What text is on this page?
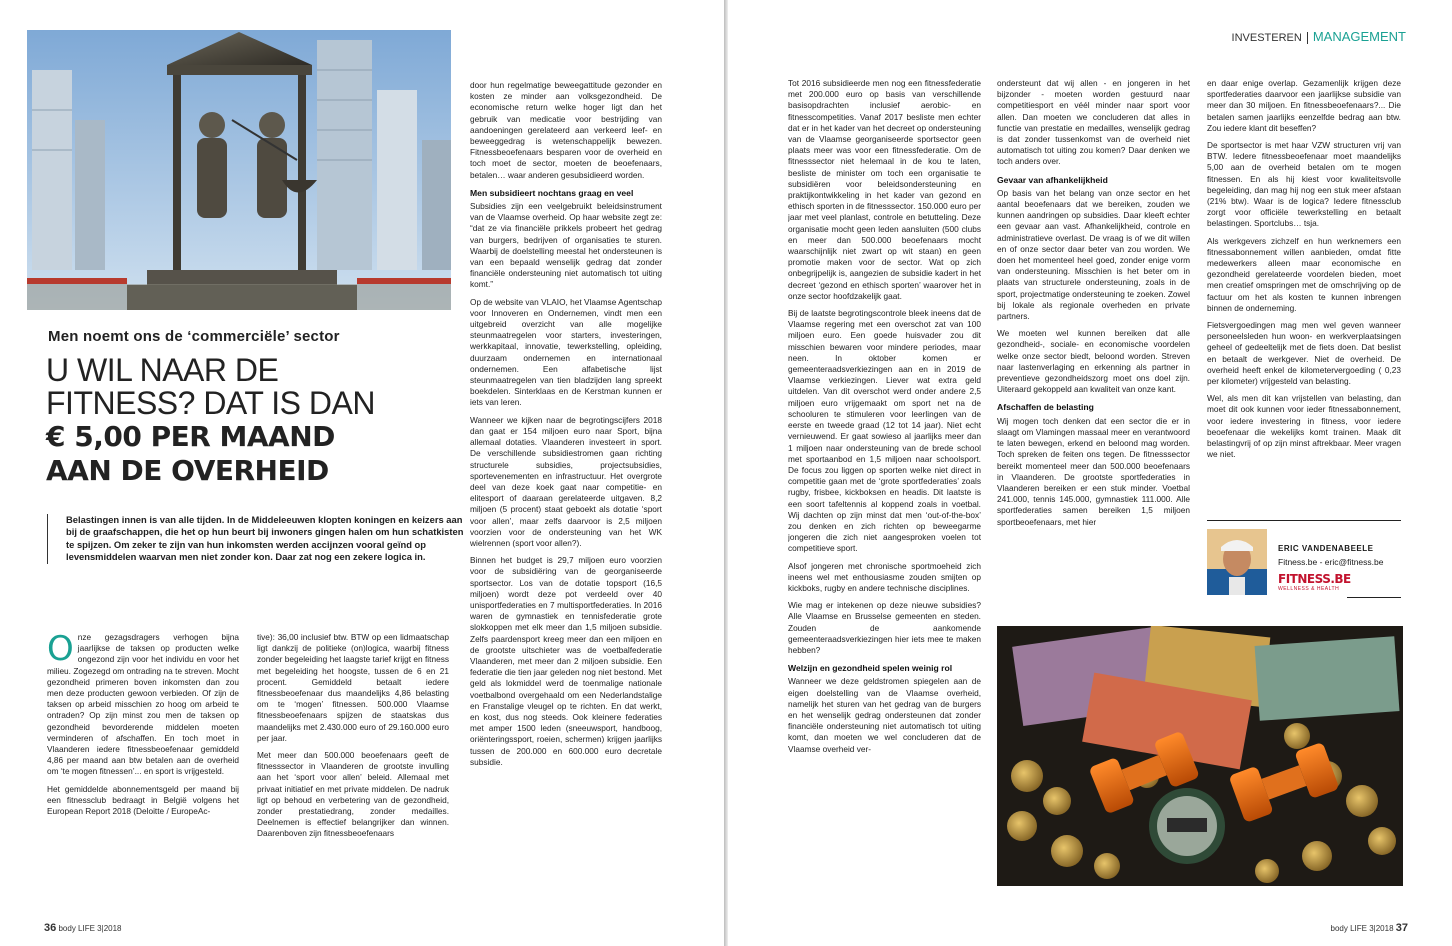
Men noemt ons de ‘commerciële’ sector
U WIL NAAR DE
FITNESS? DAT IS DAN
€ 5,00 PER MAAND
AAN DE OVERHEID
Belastingen innen is van alle tijden. In de Middeleeuwen klopten koningen en keizers aan bij de graafschappen, die het op hun beurt bij inwoners gingen halen om hun schatkisten te spijzen. Om zeker te zijn van hun inkomsten werden accijnzen vooral geïnd op levensmiddelen waarvan men niet zonder kon. Daar zat nog een zekere logica in.

Onze gezagsdragers verhogen bijna jaarlijkse de taksen op producten welke ongezond zijn voor het individu en voor het milieu. Zogezegd om ontrading na te streven. Mocht gezondheid primeren boven inkomsten dan zou men deze producten gewoon verbieden. Of zijn de taksen op arbeid misschien zo hoog om arbeid te ontraden? Op zijn minst zou men de taksen op gezondheid bevorderende middelen moeten verminderen of afschaffen. En toch moet in Vlaanderen iedere fitnessbeoefenaar gemiddeld 4,86 per maand aan btw betalen aan de overheid om ‘te mogen fitnessen’... en sport is vrijgesteld.

Het gemiddelde abonnementsgeld per maand bij een fitnessclub bedraagt in België volgens het European Report 2018 (Deloitte / EuropeAc-

tive): 36,00 inclusief btw. BTW op een lidmaatschap ligt dankzij de politieke (on)logica, waarbij fitness zonder begeleiding het laagste tarief krijgt en fitness met begeleiding het hoogste, tussen de 6 en 21 procent. Gemiddeld betaalt iedere fitnessbeoefenaar dus maandelijks 4,86 belasting om te ‘mogen’ fitnessen. 500.000 Vlaamse fitnessbeoefenaars spijzen de staatskas dus maandelijks met 2.430.000 euro of 29.160.000 euro per jaar.

Met meer dan 500.000 beoefenaars geeft de fitnesssector in Vlaanderen de grootste invulling aan het ‘sport voor allen’ beleid. Allemaal met privaat initiatief en met private middelen. De nadruk ligt op behoud en verbetering van de gezondheid, zonder prestatiedrang, zonder medailles. Deelnemen is effectief belangrijker dan winnen. Daarenboven zijn fitnessbeoefenaars

door hun regelmatige beweegattitude gezonder en kosten ze minder aan volksgezondheid. De economische return welke hoger ligt dan het gebruik van medicatie voor bestrijding van aandoeningen gerelateerd aan verkeerd leef- en beweeggedrag is wetenschappelijk bewezen. Fitnessbeoefenaars besparen voor de overheid en toch moet de sector, moeten de beoefenaars, betalen… waar anderen gesubsidieerd worden.

Men subsidieert nochtans graag en veel

Subsidies zijn een veelgebruikt beleidsinstrument van de Vlaamse overheid. Op haar website zegt ze: “dat ze via financiële prikkels probeert het gedrag van burgers, bedrijven of organisaties te sturen. Waarbij de doelstelling meestal het ondersteunen is van een bepaald wenselijk gedrag dat zonder financiële ondersteuning niet automatisch tot uiting komt.”

Op de website van VLAIO, het Vlaamse Agentschap voor Innoveren en Ondernemen, vindt men een uitgebreid overzicht van alle mogelijke steunmaatregelen voor starters, investeringen, werkkapitaal, innovatie, tewerkstelling, opleiding, duurzaam ondernemen en internationaal ondernemen. Een alfabetische lijst steunmaatregelen van tien bladzijden lang spreekt boekdelen. Sinterklaas en de Kerstman kunnen er iets van leren.

Wanneer we kijken naar de begrotingscijfers 2018 dan gaat er 154 miljoen euro naar Sport, bijna allemaal dotaties. Vlaanderen investeert in sport. De verschillende subsidiestromen gaan richting structurele subsidies, projectsubsidies, sportevenementen en infrastructuur. Het overgrote deel van deze koek gaat naar competitie- en elitesport of daaraan gerelateerde uitgaven. 8,2 miljoen (5 procent) staat geboekt als dotatie ‘sport voor allen’, maar zelfs daarvoor is 2,5 miljoen voorzien voor de ondersteuning van het WK wielrennen (sport voor allen?).

Binnen het budget is 29,7 miljoen euro voorzien voor de subsidiëring van de georganiseerde sportsector. Los van de dotatie topsport (16,5 miljoen) wordt deze pot verdeeld over 40 unisportfederaties en 7 multisportfederaties. In 2016 waren de gymnastiek en tennisfederatie grote slokkoppen met elk meer dan 1,5 miljoen subsidie. Zelfs paardensport kreeg meer dan een miljoen en de grootste uitschieter was de voetbalfederatie Vlaanderen, met meer dan 2 miljoen subsidie. Een federatie die tien jaar geleden nog niet bestond. Met geld als lokmiddel werd de toenmalige nationale voetbalbond overgehaald om een Nederlandstalige en Franstalige vleugel op te richten. En dat werkt, en kost, dus nog steeds. Ook kleinere federaties met amper 1500 leden (sneeuwsport, handboog, oriënteringssport, roeien, schermen) krijgen jaarlijks tussen de 200.000 en 600.000 euro decretale subsidie.

36 body LIFE 3|2018
INVESTEREN MANAGEMENT

Tot 2016 subsidieerde men nog een fitnessfederatie met 200.000 euro op basis van verschillende basisopdrachten inclusief aerobic- en fitnesscompetities. Vanaf 2017 besliste men echter dat er in het kader van het decreet op ondersteuning van de Vlaamse georganiseerde sportsector geen plaats meer was voor een fitnessfederatie. Om de fitnesssector niet helemaal in de kou te laten, besliste de minister om toch een organisatie te subsidiëren voor beleidsondersteuning en praktijkontwikkeling in het kader van gezond en ethisch sporten in de fitnesssector. 150.000 euro per jaar met veel planlast, controle en betutteling. Deze organisatie mocht geen leden aansluiten (500 clubs en meer dan 500.000 beoefenaars mocht waarschijnlijk niet zwart op wit staan) en geen promotie maken voor de sector. Wat op zich onbegrijpelijk is, aangezien de subsidie kadert in het decreet ‘gezond en ethisch sporten’ waarover het in onze sector hoofdzakelijk gaat.

Bij de laatste begrotingscontrole bleek ineens dat de Vlaamse regering met een overschot zat van 100 miljoen euro. Een goede huisvader zou dit misschien bewaren voor mindere periodes, maar neen. In oktober komen er gemeenteraadsverkiezingen aan en in 2019 de Vlaamse verkiezingen. Liever wat extra geld uitdelen. Van dit overschot werd onder andere 2,5 miljoen euro vrijgemaakt om sport net na de schooluren te stimuleren voor leerlingen van de eerste en tweede graad (12 tot 14 jaar). Niet echt vernieuwend. Er gaat sowieso al jaarlijks meer dan 1 miljoen naar ondersteuning van de brede school met sportaanbod en 1,5 miljoen naar schoolsport. De focus zou liggen op sporten welke niet direct in competitie gaan met de ‘grote sportfederaties’ zoals rugby, frisbee, kickboksen en headis. Dit laatste is een soort tafeltennis al koppend zoals in voetbal. Wij dachten op zijn minst dat men ‘out-of-the-box’ zou denken en zich richten op beweegarme jongeren die zich niet aangesproken voelen tot competitieve sport.

Alsof jongeren met chronische sportmoeheid zich ineens wel met enthousiasme zouden smijten op kickboks, rugby en andere technische disciplines.

Wie mag er intekenen op deze nieuwe subsidies? Alle Vlaamse en Brusselse gemeenten en steden. Zouden de aankomende gemeenteraadsverkiezingen hier iets mee te maken hebben?

Welzijn en gezondheid spelen weinig rol

Wanneer we deze geldstromen spiegelen aan de eigen doelstelling van de Vlaamse overheid, namelijk het sturen van het gedrag van de burgers en het wenselijk gedrag ondersteunen dat zonder financiële ondersteuning niet automatisch tot uiting komt, dan moeten we wel concluderen dat de Vlaamse overheid ver-

ondersteunt dat wij allen - en jongeren in het bijzonder - moeten worden gestuurd naar competitiesport en véél minder naar sport voor allen. Dan moeten we concluderen dat alles in functie van prestatie en medailles, wenselijk gedrag is dat zonder tussenkomst van de overheid niet automatisch tot uiting zou komen? Daar denken we toch anders over.

Gevaar van afhankelijkheid

Op basis van het belang van onze sector en het aantal beoefenaars dat we bereiken, zouden we kunnen aandringen op subsidies. Daar kleeft echter een gevaar aan vast. Afhankelijkheid, controle en administratieve overlast. De vraag is of we dit willen en of onze sector daar beter van zou worden. We doen het momenteel heel goed, zonder enige vorm van ondersteuning. Misschien is het beter om in plaats van structurele ondersteuning, zoals in de sport, projectmatige ondersteuning te zoeken. Zowel bij lokale als regionale overheden en private partners.

We moeten wel kunnen bereiken dat alle gezondheid-, sociale- en economische voordelen welke onze sector biedt, beloond worden. Streven naar lastenverlaging en erkenning als partner in preventieve gezondheidszorg moet ons doel zijn. Uiteraard gekoppeld aan kwaliteit van onze kant.

Afschaffen de belasting

Wij mogen toch denken dat een sector die er in slaagt om Vlamingen massaal meer en verantwoord te laten bewegen, erkend en beloond mag worden. Toch spreken de feiten ons tegen. De fitnesssector bereikt momenteel meer dan 500.000 beoefenaars in Vlaanderen. De grootste sportfederaties in Vlaanderen bereiken er een stuk minder. Voetbal 241.000, tennis 145.000, gymnastiek 111.000. Alle sportfederaties samen bereiken 1,5 miljoen sportbeoefenaars, met hier

en daar enige overlap. Gezamenlijk krijgen deze sportfederaties daarvoor een jaarlijkse subsidie van meer dan 30 miljoen. En fitnessbeoefenaars?... Die betalen samen jaarlijks eenzelfde bedrag aan btw. Zou iedere klant dit beseffen?

De sportsector is met haar VZW structuren vrij van BTW. Iedere fitnessbeoefenaar moet maandelijks 5,00 aan de overheid betalen om te mogen fitnessen. En als hij kiest voor kwaliteitsvolle begeleiding, dan mag hij nog een stuk meer afstaan (21% btw). Waar is de logica? Iedere fitnessclub zorgt voor officiële tewerkstelling en betaalt belastingen. Sportclubs… tsja.

Als werkgevers zichzelf en hun werknemers een fitnessabonnement willen aanbieden, omdat fitte medewerkers alleen maar economische en gezondheid gerelateerde voordelen bieden, moet men creatief omspringen met de omschrijving op de factuur om het als kosten te kunnen inbrengen binnen de onderneming.

Fietsvergoedingen mag men wel geven wanneer personeelsleden hun woon- en werkverplaatsingen geheel of gedeeltelijk met de fiets doen. Dat beslist en betaalt de werkgever. Niet de overheid. De overheid heeft enkel de kilometervergoeding ( 0,23 per kilometer) vrijgesteld van belasting.

Wel, als men dit kan vrijstellen van belasting, dan moet dit ook kunnen voor ieder fitnessabonnement, voor iedere investering in fitness, voor iedere beoefenaar die wekelijks komt trainen. Maak dit belastingvrij of op zijn minst aftrekbaar. Meer vragen we niet.

ERIC VANDENABEELE
Fitness.be - eric@fitness.be
FITNESS.BE
WELLNESS & HEALTH
body LIFE 3|2018 37
